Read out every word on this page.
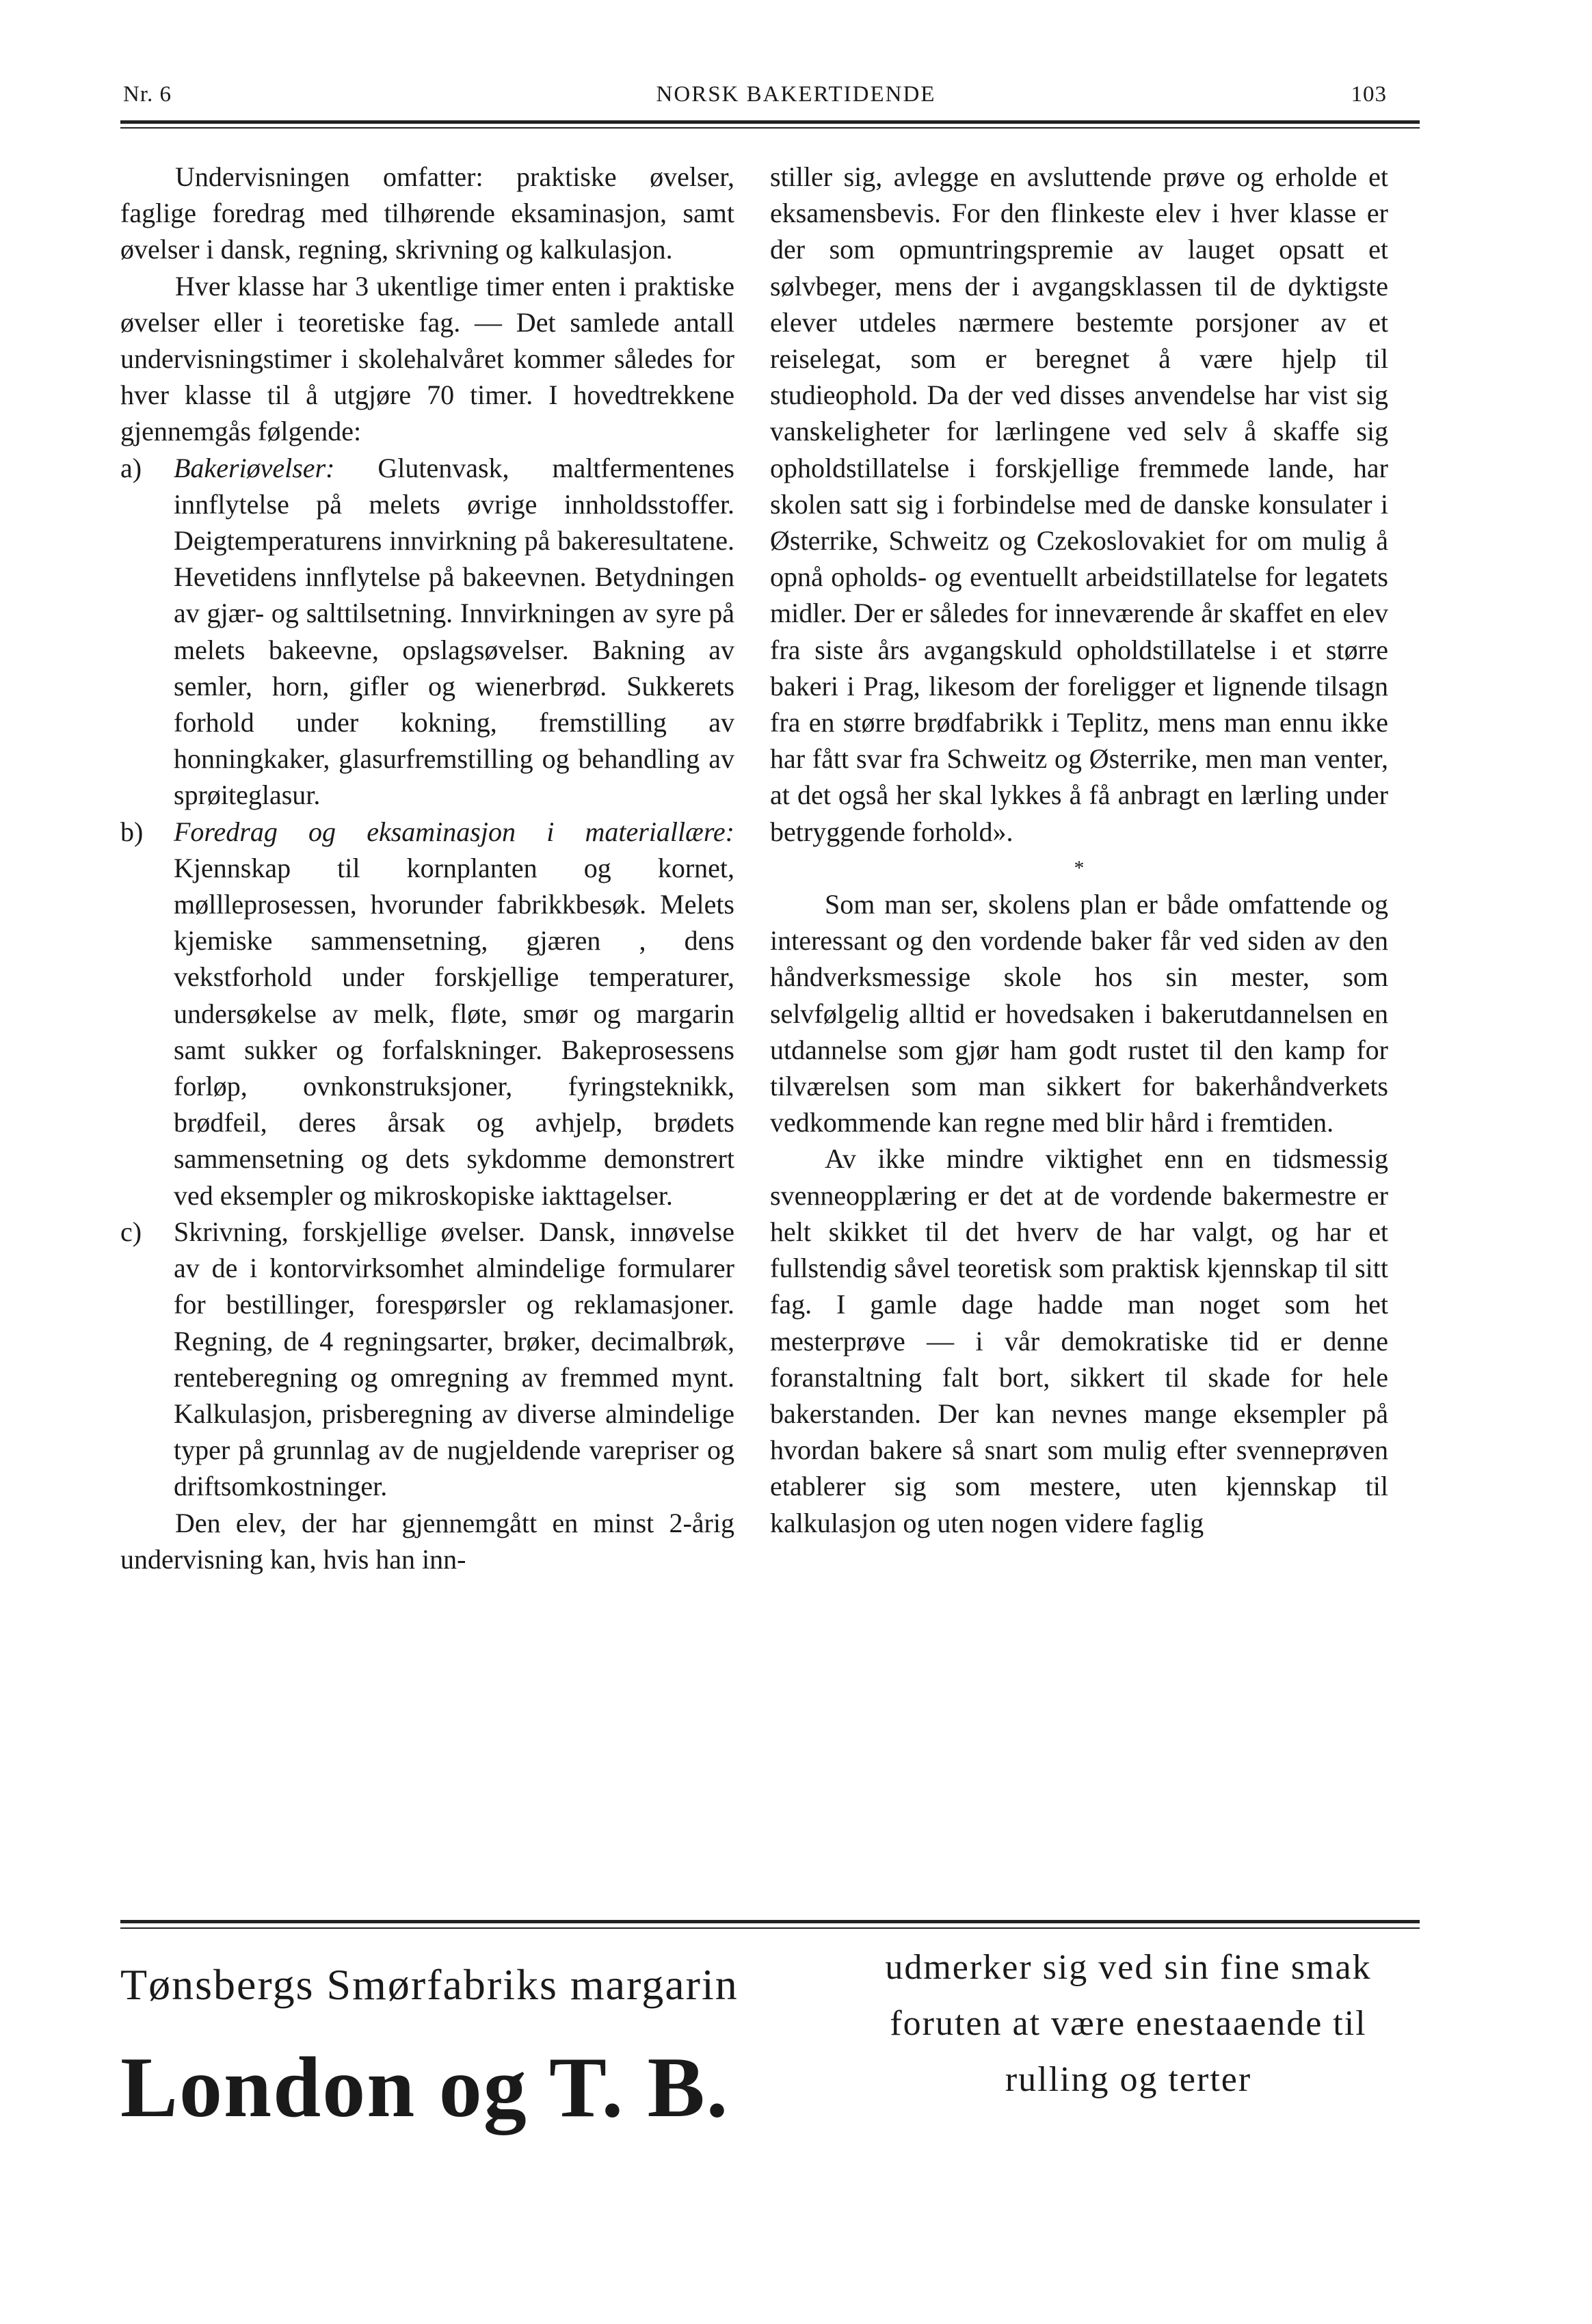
Nr. 6	NORSK BAKERTIDENDE	103

Undervisningen omfatter: praktiske øvelser, faglige foredrag med tilhørende eksaminasjon, samt øvelser i dansk, regning, skrivning og kalkulasjon.

Hver klasse har 3 ukentlige timer enten i praktiske øvelser eller i teoretiske fag. — Det samlede antall undervisningstimer i skolehalvåret kommer således for hver klasse til å utgjøre 70 timer. I hovedtrekkene gjennemgås følgende:

a) Bakeriøvelser: Glutenvask, maltfermentenes innflytelse på melets øvrige innholdsstoffer. Deigtemperaturens innvirkning på bakeresultatene. Hevetidens innflytelse på bakeevnen. Betydningen av gjær- og salttilsetning. Innvirkningen av syre på melets bakeevne, opslagsøvelser. Bakning av semler, horn, gifler og wienerbrød. Sukkerets forhold under kokning, fremstilling av honningkaker, glasurfremstilling og behandling av sprøiteglasur.
b) Foredrag og eksaminasjon i materiallære: Kjennskap til kornplanten og kornet, møllleprosessen, hvorunder fabrikkbesøk. Melets kjemiske sammensetning, gjæren , dens vekstforhold under forskjellige temperaturer, undersøkelse av melk, fløte, smør og margarin samt sukker og forfalskninger. Bakeprosessens forløp, ovnkonstruksjoner, fyringsteknikk, brødfeil, deres årsak og avhjelp, brødets sammensetning og dets sykdomme demonstrert ved eksempler og mikroskopiske iakttagelser.
c) Skrivning, forskjellige øvelser. Dansk, innøvelse av de i kontorvirksomhet almindelige formularer for bestillinger, forespørsler og reklamasjoner. Regning, de 4 regningsarter, brøker, decimalbrøk, renteberegning og omregning av fremmed mynt. Kalkulasjon, prisberegning av diverse almindelige typer på grunnlag av de nugjeldende varepriser og driftsomkostninger.

Den elev, der har gjennemgått en minst 2-årig undervisning kan, hvis han inn-

stiller sig, avlegge en avsluttende prøve og erholde et eksamensbevis. For den flinkeste elev i hver klasse er der som opmuntringspremie av lauget opsatt et sølvbeger, mens der i avgangsklassen til de dyktigste elever utdeles nærmere bestemte porsjoner av et reiselegat, som er beregnet å være hjelp til studieophold. Da der ved disses anvendelse har vist sig vanskeligheter for lærlingene ved selv å skaffe sig opholdstillatelse i forskjellige fremmede lande, har skolen satt sig i forbindelse med de danske konsulater i Østerrike, Schweitz og Czekoslovakiet for om mulig å opnå opholds- og eventuellt arbeidstillatelse for legatets midler. Der er således for inneværende år skaffet en elev fra siste års avgangskuld opholdstillatelse i et større bakeri i Prag, likesom der foreligger et lignende tilsagn fra en større brødfabrikk i Teplitz, mens man ennu ikke har fått svar fra Schweitz og Østerrike, men man venter, at det også her skal lykkes å få anbragt en lærling under betryggende forhold».

*

Som man ser, skolens plan er både omfattende og interessant og den vordende baker får ved siden av den håndverksmessige skole hos sin mester, som selvfølgelig alltid er hovedsaken i bakerutdannelsen en utdannelse som gjør ham godt rustet til den kamp for tilværelsen som man sikkert for bakerhåndverkets vedkommende kan regne med blir hård i fremtiden.

Av ikke mindre viktighet enn en tidsmessig svenneopplæring er det at de vordende bakermestre er helt skikket til det hverv de har valgt, og har et fullstendig såvel teoretisk som praktisk kjennskap til sitt fag. I gamle dage hadde man noget som het mesterprøve — i vår demokratiske tid er denne foranstaltning falt bort, sikkert til skade for hele bakerstanden. Der kan nevnes mange eksempler på hvordan bakere så snart som mulig efter svenneprøven etablerer sig som mestere, uten kjennskap til kalkulasjon og uten nogen videre faglig

Tønsbergs Smørfabriks margarin
London og T. B.
udmerker sig ved sin fine smak
foruten at være enestaaende til
rulling og terter
